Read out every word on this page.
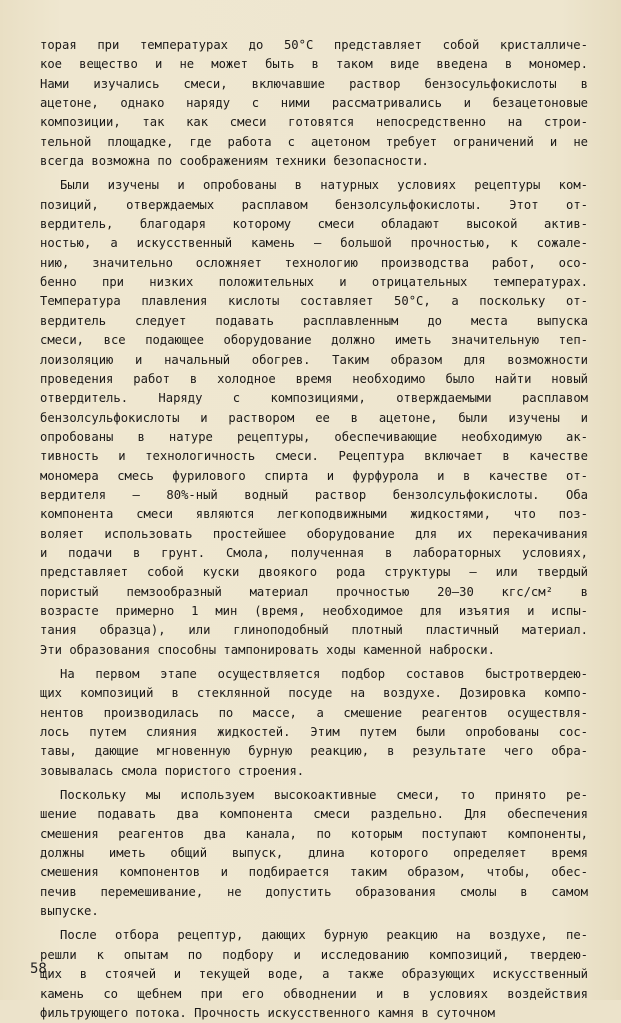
торая при температурах до 50°С представляет собой кристалличе-
кое вещество и не может быть в таком виде введена в мономер.
Нами изучались смеси, включавшие раствор бензосульфокислоты в
ацетоне, однако наряду с ними рассматривались и безацетоновые
композиции, так как смеси готовятся непосредственно на строи-
тельной площадке, где работа с ацетоном требует ограничений и не
всегда возможна по соображениям техники безопасности.
Были изучены и опробованы в натурных условиях рецептуры ком-
позиций, отверждаемых расплавом бензолсульфокислоты. Этот от-
вердитель, благодаря которому смеси обладают высокой актив-
ностью, а искусственный камень – большой прочностью, к сожале-
нию, значительно осложняет технологию производства работ, осо-
бенно при низких положительных и отрицательных температурах.
Температура плавления кислоты составляет 50°С, а поскольку от-
вердитель следует подавать расплавленным до места выпуска
смеси, все подающее оборудование должно иметь значительную теп-
лоизоляцию и начальный обогрев. Таким образом для возможности
проведения работ в холодное время необходимо было найти новый
отвердитель. Наряду с композициями, отверждаемыми расплавом
бензолсульфокислоты и раствором ее в ацетоне, были изучены и
опробованы в натуре рецептуры, обеспечивающие необходимую ак-
тивность и технологичность смеси. Рецептура включает в качестве
мономера смесь фурилового спирта и фурфурола и в качестве от-
вердителя – 80%-ный водный раствор бензолсульфокислоты. Оба
компонента смеси являются легкоподвижными жидкостями, что поз-
воляет использовать простейшее оборудование для их перекачивания
и подачи в грунт. Смола, полученная в лабораторных условиях,
представляет собой куски двоякого рода структуры – или твердый
пористый пемзообразный материал прочностью 20–30 кгс/см² в
возрасте примерно 1 мин (время, необходимое для изъятия и испы-
тания образца), или глиноподобный плотный пластичный материал.
Эти образования способны тампонировать ходы каменной наброски.
На первом этапе осуществляется подбор составов быстротвердею-
щих композиций в стеклянной посуде на воздухе. Дозировка компо-
нентов производилась по массе, а смешение реагентов осуществля-
лось путем слияния жидкостей. Этим путем были опробованы сос-
тавы, дающие мгновенную бурную реакцию, в результате чего обра-
зовывалась смола пористого строения.
Поскольку мы используем высокоактивные смеси, то принято ре-
шение подавать два компонента смеси раздельно. Для обеспечения
смешения реагентов два канала, по которым поступают компоненты,
должны иметь общий выпуск, длина которого определяет время
смешения компонентов и подбирается таким образом, чтобы, обес-
печив перемешивание, не допустить образования смолы в самом
выпуске.
После отбора рецептур, дающих бурную реакцию на воздухе, пе-
решли к опытам по подбору и исследованию композиций, твердею-
щих в стоячей и текущей воде, а также образующих искусственный
камень со щебнем при его обводнении и в условиях воздействия
фильтрующего потока. Прочность искусственного камня в суточном
58
